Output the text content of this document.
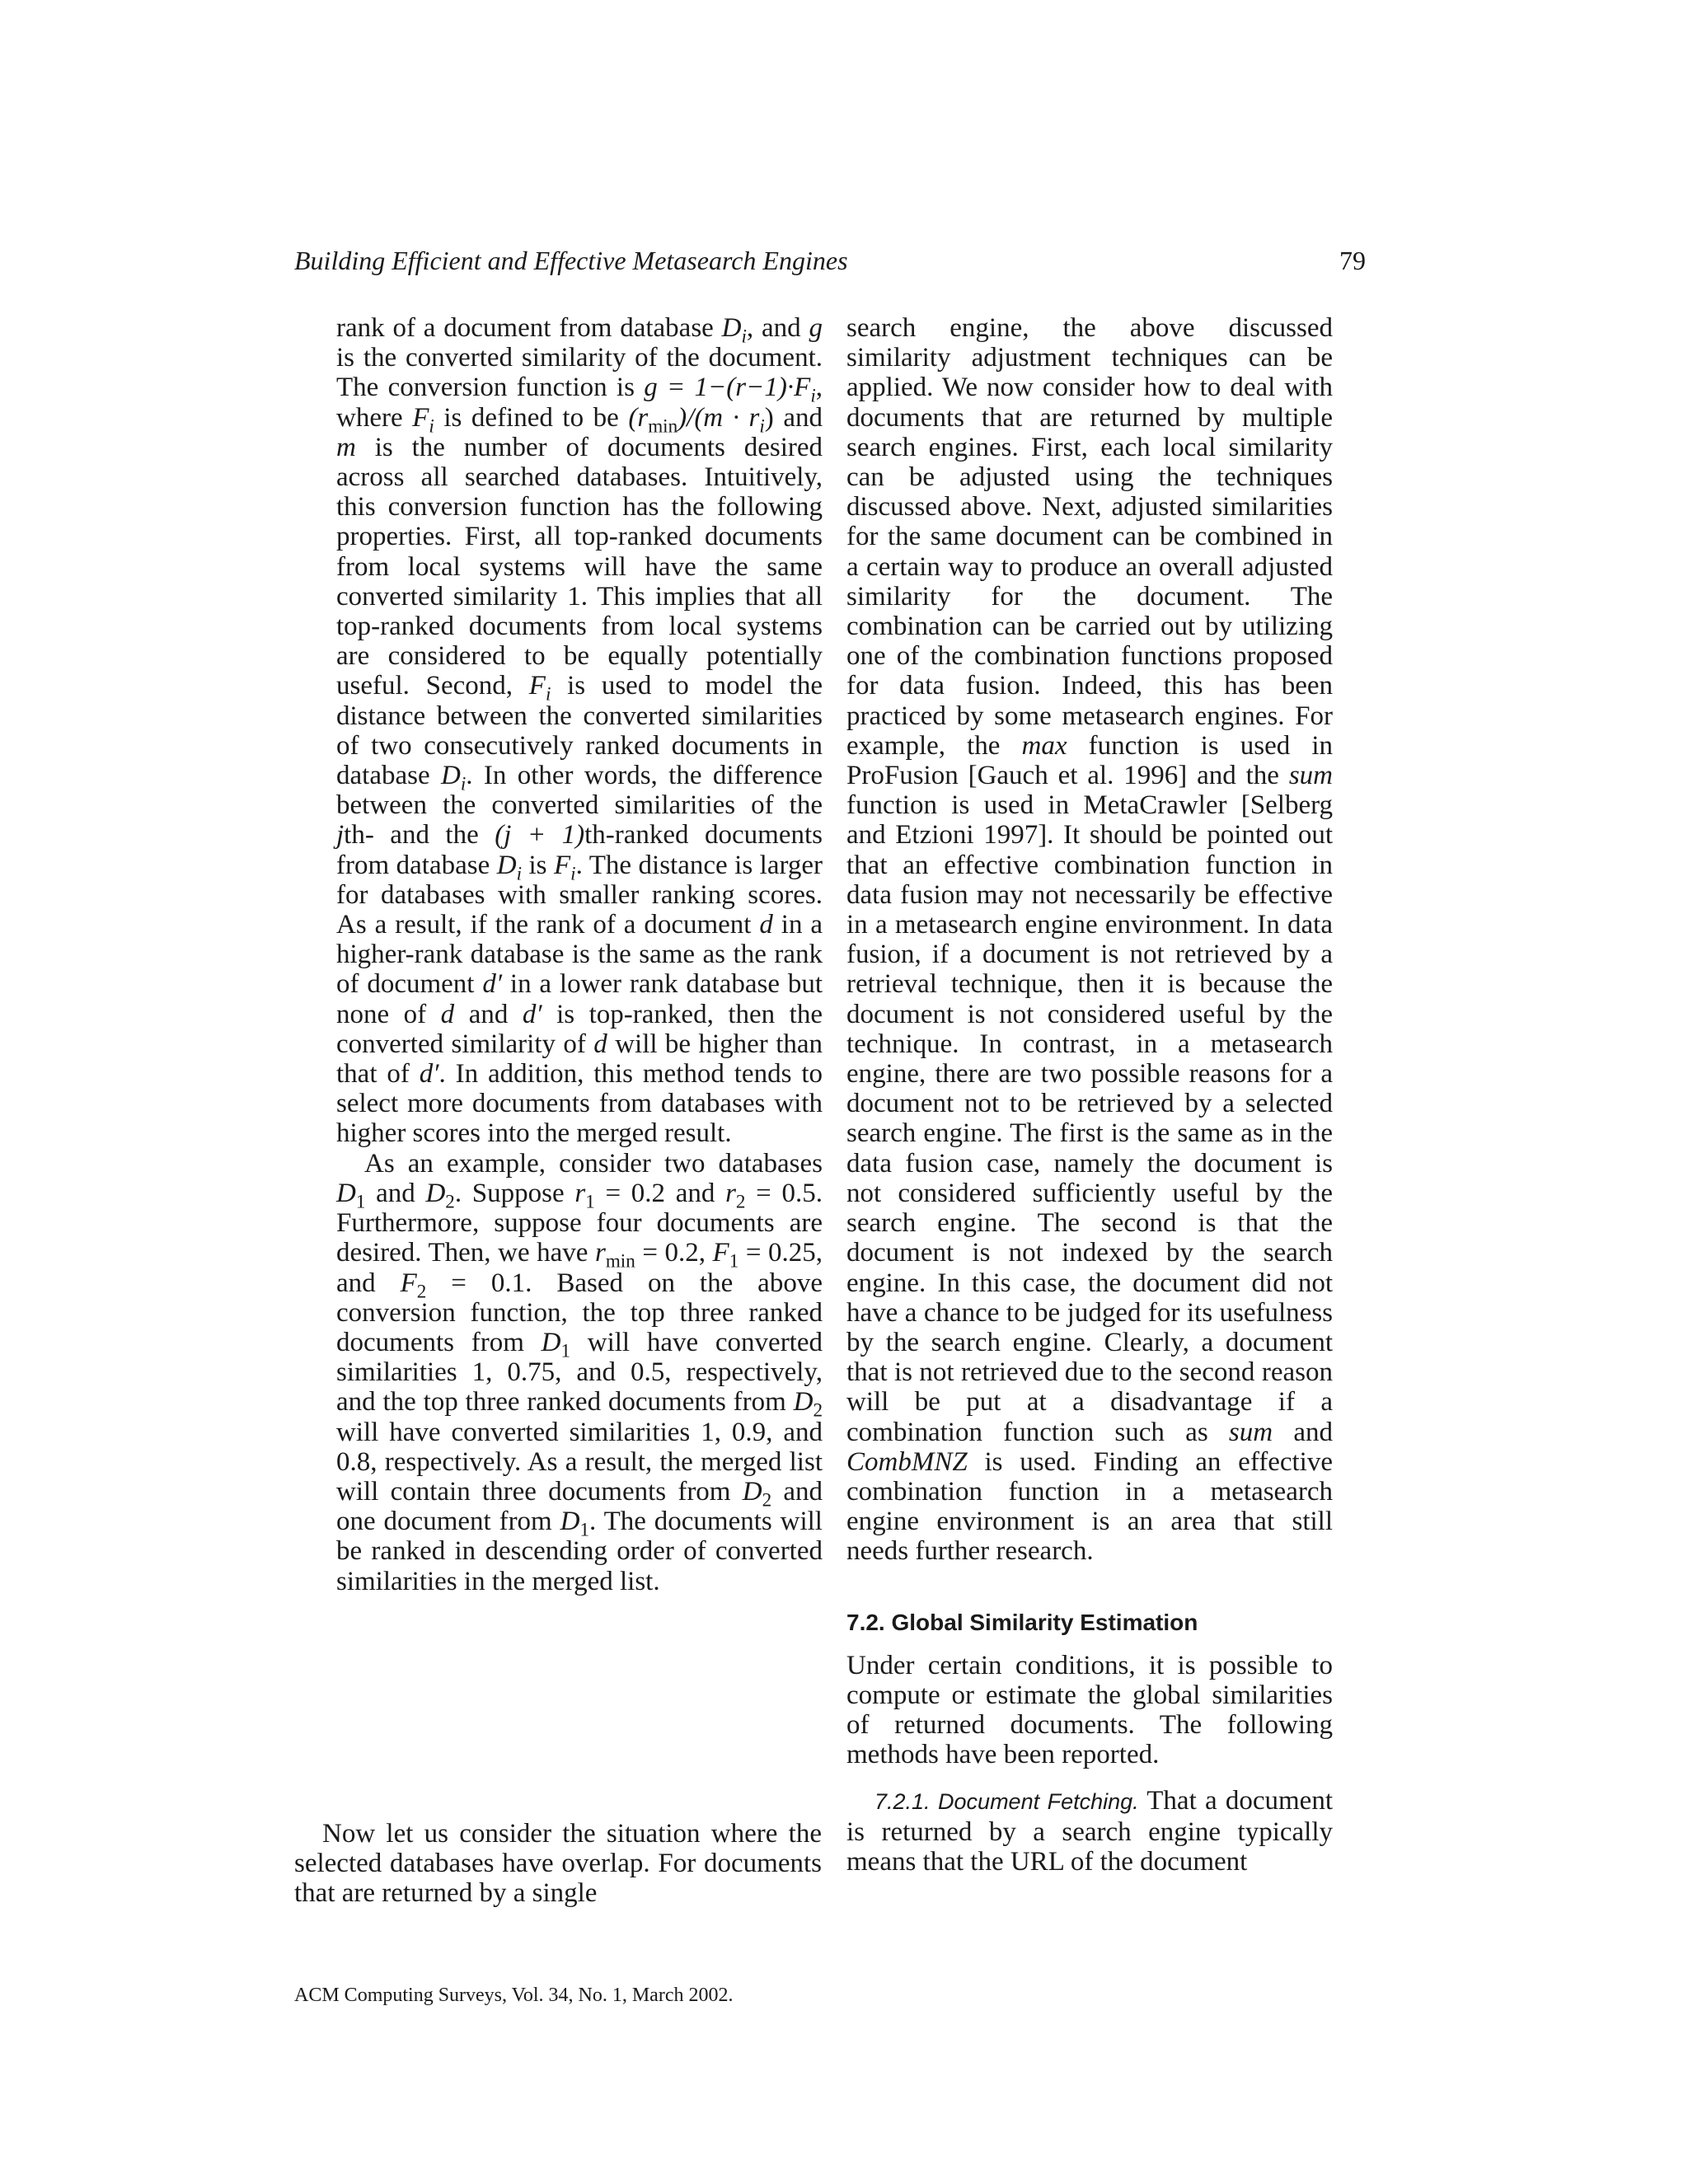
Building Efficient and Effective Metasearch Engines	79

rank of a document from database $D_i$, and g is the converted similarity of the document. The conversion function is $g = 1-(r-1)\cdot F_i$, where $F_i$ is defined to be $(r_{min})/(m \cdot r_i)$ and m is the number of documents desired across all searched databases. Intuitively, this conversion function has the following properties. First, all top-ranked documents from local systems will have the same converted similarity 1. This implies that all top-ranked documents from local systems are considered to be equally potentially useful. Second, $F_i$ is used to model the distance between the converted similarities of two consecutively ranked documents in database $D_i$. In other words, the difference between the converted similarities of the jth- and the (j + 1)th-ranked documents from database $D_i$ is $F_i$. The distance is larger for databases with smaller ranking scores. As a result, if the rank of a document d in a higher-rank database is the same as the rank of document d′ in a lower rank database but none of d and d′ is top-ranked, then the converted similarity of d will be higher than that of d′. In addition, this method tends to select more documents from databases with higher scores into the merged result.

As an example, consider two databases $D_1$ and $D_2$. Suppose $r_1 = 0.2$ and $r_2 = 0.5$. Furthermore, suppose four documents are desired. Then, we have $r_{min} = 0.2$, $F_1 = 0.25$, and $F_2 = 0.1$. Based on the above conversion function, the top three ranked documents from $D_1$ will have converted similarities 1, 0.75, and 0.5, respectively, and the top three ranked documents from $D_2$ will have converted similarities 1, 0.9, and 0.8, respectively. As a result, the merged list will contain three documents from $D_2$ and one document from $D_1$. The documents will be ranked in descending order of converted similarities in the merged list.

Now let us consider the situation where the selected databases have overlap. For documents that are returned by a single

search engine, the above discussed similarity adjustment techniques can be applied. We now consider how to deal with documents that are returned by multiple search engines. First, each local similarity can be adjusted using the techniques discussed above. Next, adjusted similarities for the same document can be combined in a certain way to produce an overall adjusted similarity for the document. The combination can be carried out by utilizing one of the combination functions proposed for data fusion. Indeed, this has been practiced by some metasearch engines. For example, the max function is used in ProFusion [Gauch et al. 1996] and the sum function is used in MetaCrawler [Selberg and Etzioni 1997]. It should be pointed out that an effective combination function in data fusion may not necessarily be effective in a metasearch engine environment. In data fusion, if a document is not retrieved by a retrieval technique, then it is because the document is not considered useful by the technique. In contrast, in a metasearch engine, there are two possible reasons for a document not to be retrieved by a selected search engine. The first is the same as in the data fusion case, namely the document is not considered sufficiently useful by the search engine. The second is that the document is not indexed by the search engine. In this case, the document did not have a chance to be judged for its usefulness by the search engine. Clearly, a document that is not retrieved due to the second reason will be put at a disadvantage if a combination function such as sum and CombMNZ is used. Finding an effective combination function in a metasearch engine environment is an area that still needs further research.

7.2. Global Similarity Estimation

Under certain conditions, it is possible to compute or estimate the global similarities of returned documents. The following methods have been reported.

7.2.1. Document Fetching. That a document is returned by a search engine typically means that the URL of the document

ACM Computing Surveys, Vol. 34, No. 1, March 2002.
